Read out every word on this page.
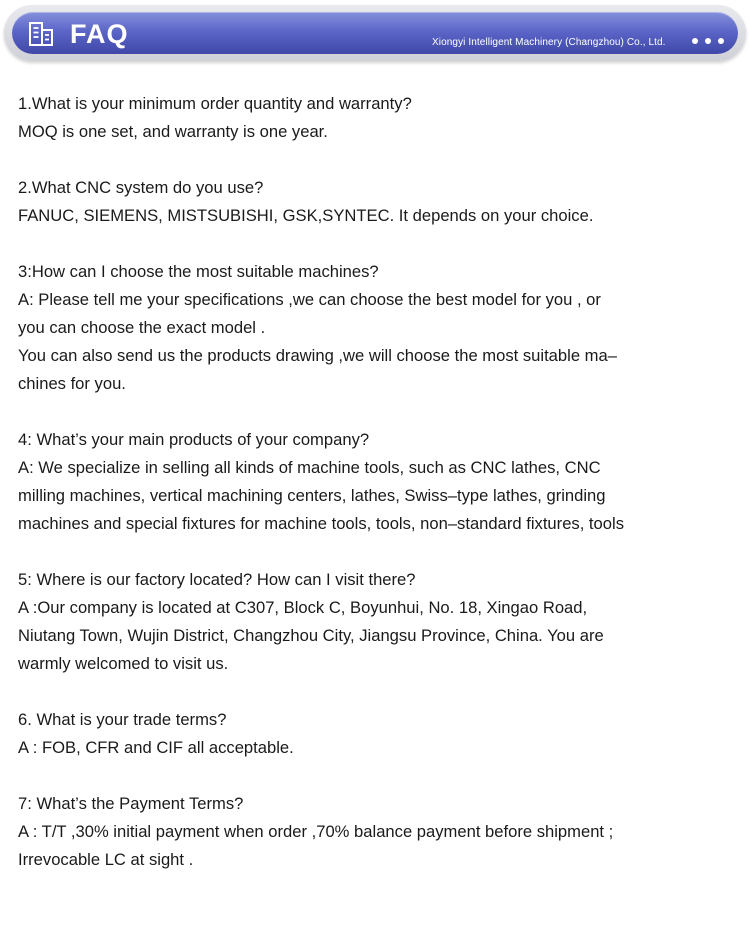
FAQ	Xiongyi Intelligent Machinery (Changzhou) Co., Ltd.

1.What is your minimum order quantity and warranty?

MOQ is one set, and warranty is one year.

2.What CNC system do you use?

FANUC, SIEMENS, MISTSUBISHI, GSK,SYNTEC. It depends on your choice.

3:How can I choose the most suitable machines?

A: Please tell me your specifications ,we can choose the best model for you , or

you can choose the exact model .

You can also send us the products drawing ,we will choose the most suitable ma–

chines for you.

4: What’s your main products of your company?

A: We specialize in selling all kinds of machine tools, such as CNC lathes, CNC

milling machines, vertical machining centers, lathes, Swiss–type lathes, grinding

machines and special fixtures for machine tools, tools, non–standard fixtures, tools

5: Where is our factory located? How can I visit there?

A :Our company is located at C307, Block C, Boyunhui, No. 18, Xingao Road,

Niutang Town, Wujin District, Changzhou City, Jiangsu Province, China. You are

warmly welcomed to visit us.

6. What is your trade terms?

A : FOB, CFR and CIF all acceptable.

7: What’s the Payment Terms?

A : T/T ,30% initial payment when order ,70% balance payment before shipment ;

Irrevocable LC at sight .
